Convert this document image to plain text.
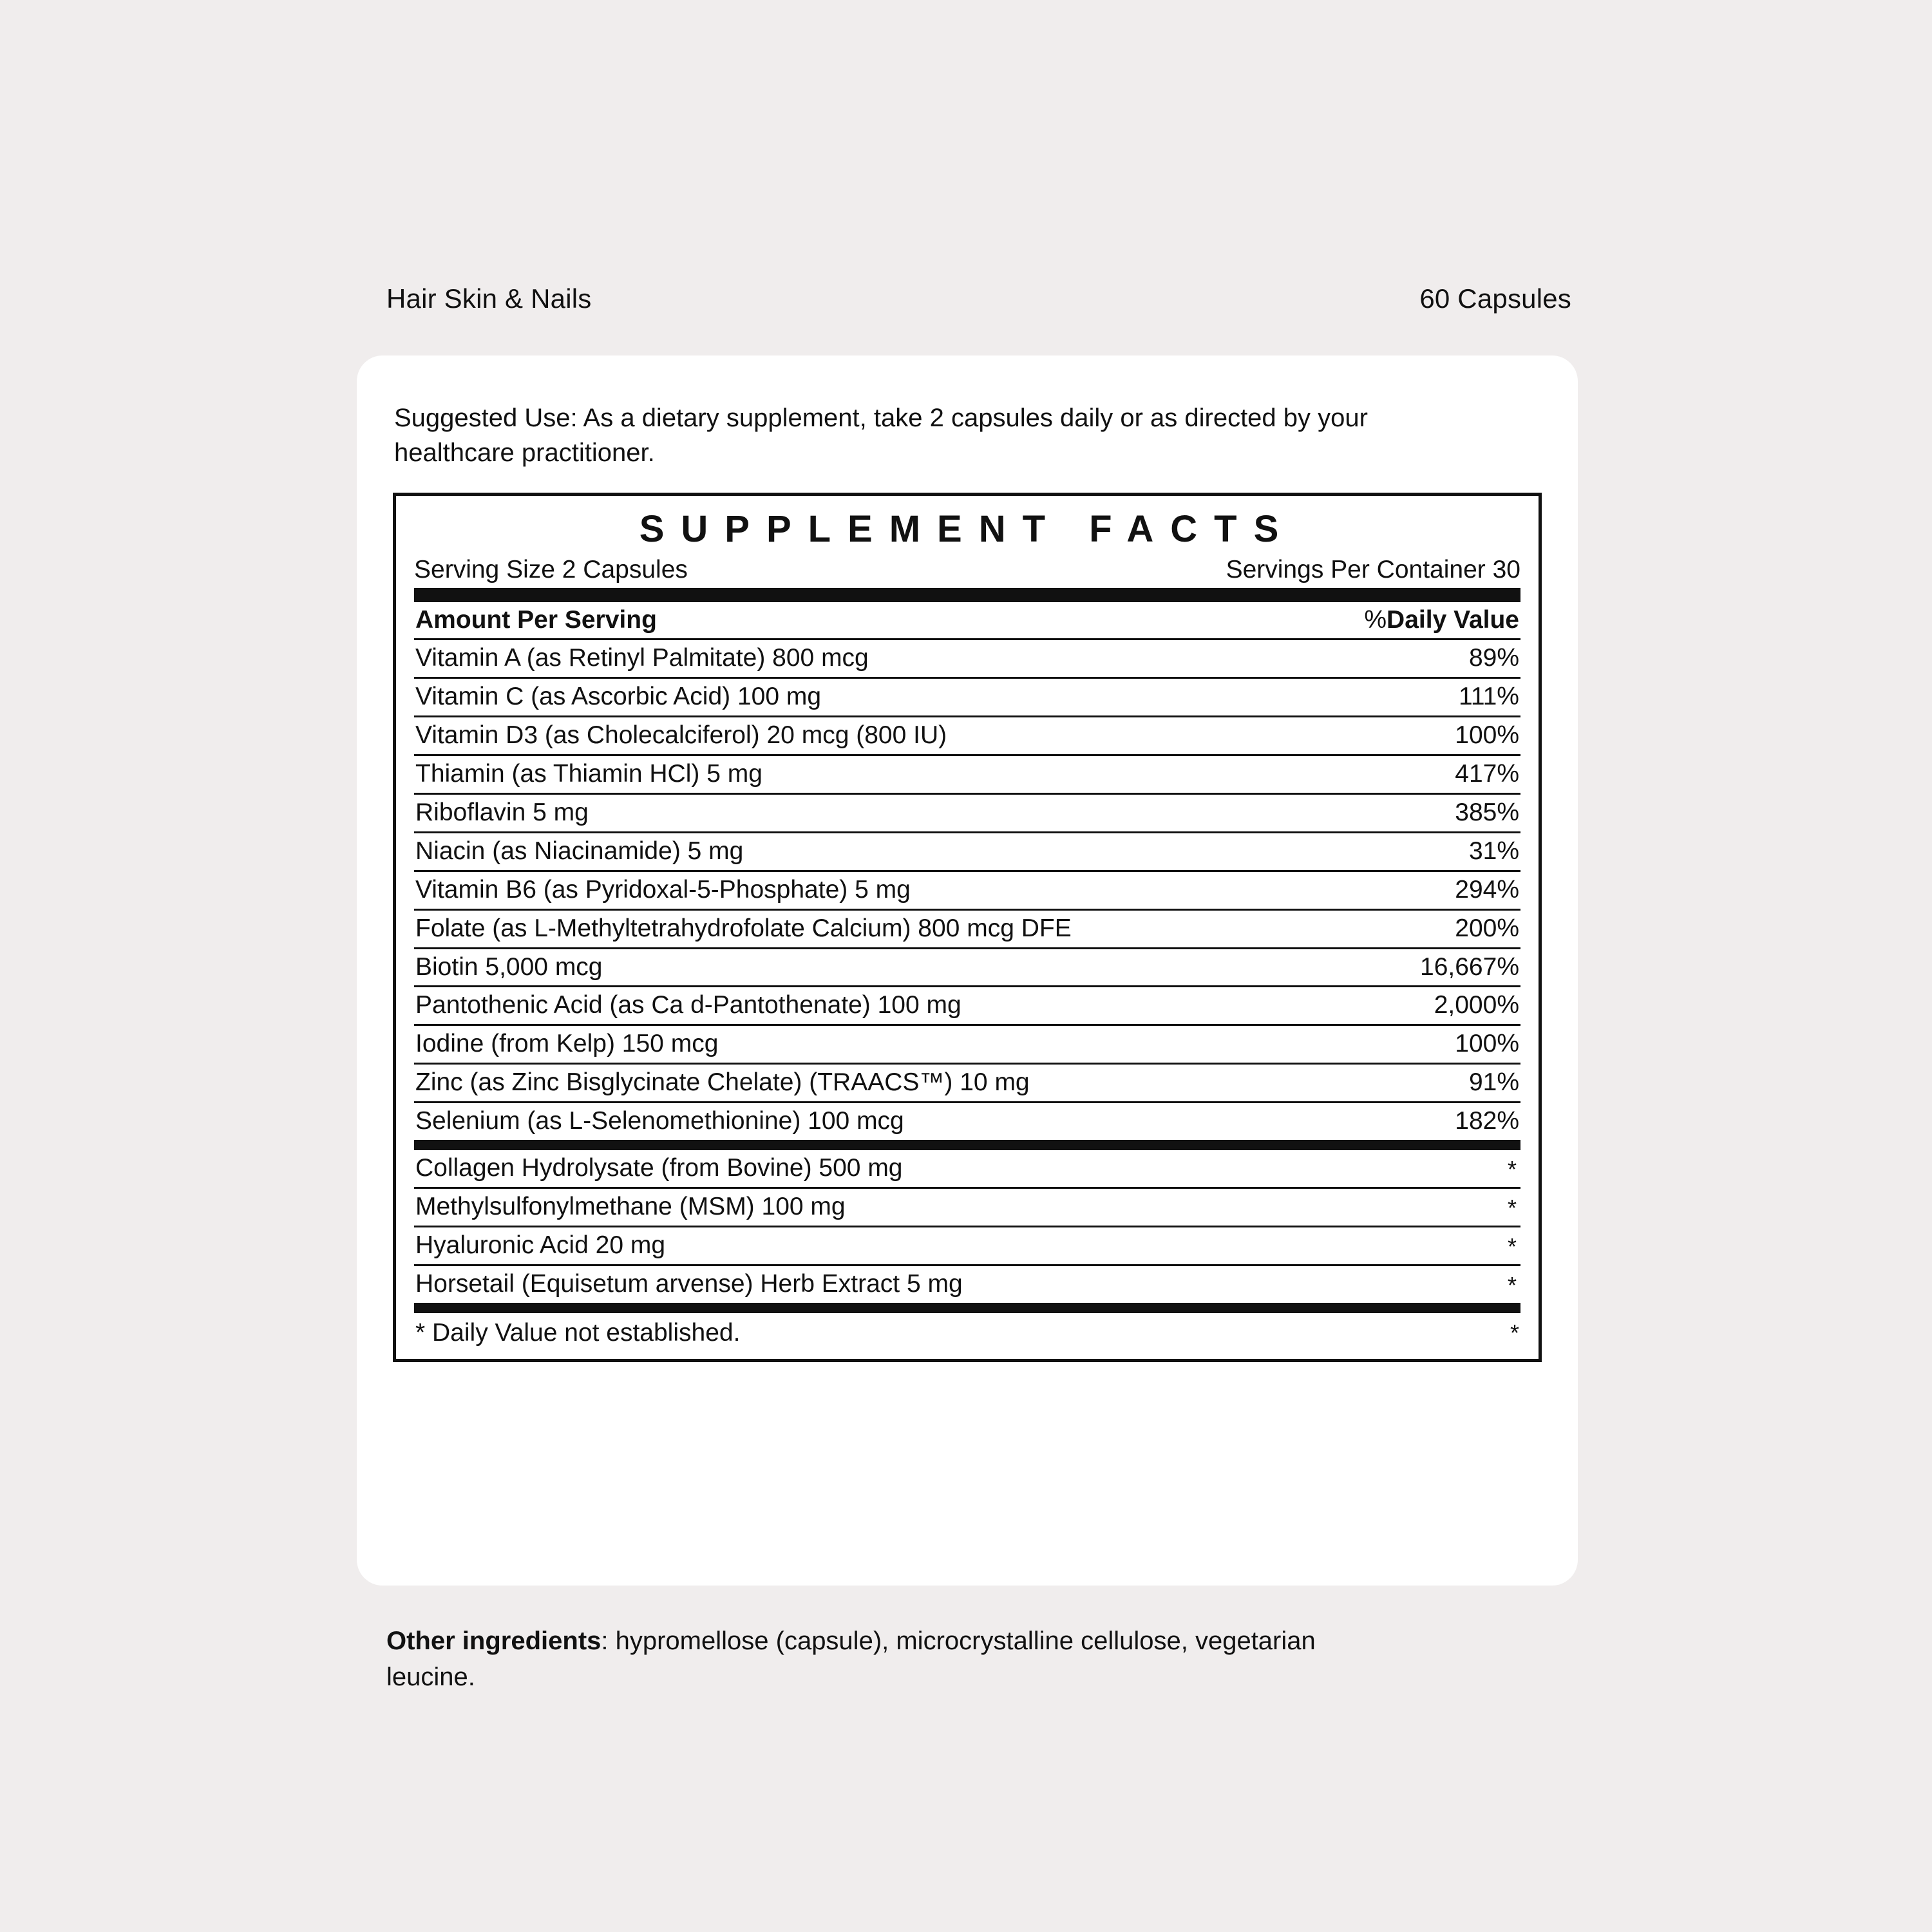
Hair Skin & Nails	60 Capsules
Suggested Use: As a dietary supplement, take 2 capsules daily or as directed by your healthcare practitioner.
SUPPLEMENT FACTS
Serving Size 2 Capsules	Servings Per Container 30
Amount Per Serving	%Daily Value
Vitamin A (as Retinyl Palmitate) 800 mcg	89%
Vitamin C (as Ascorbic Acid) 100 mg	111%
Vitamin D3 (as Cholecalciferol) 20 mcg (800 IU)	100%
Thiamin (as Thiamin HCl) 5 mg	417%
Riboflavin 5 mg	385%
Niacin (as Niacinamide) 5 mg	31%
Vitamin B6 (as Pyridoxal-5-Phosphate) 5 mg	294%
Folate (as L-Methyltetrahydrofolate Calcium) 800 mcg DFE	200%
Biotin 5,000 mcg	16,667%
Pantothenic Acid (as Ca d-Pantothenate) 100 mg	2,000%
Iodine (from Kelp) 150 mcg	100%
Zinc (as Zinc Bisglycinate Chelate) (TRAACS™) 10 mg	91%
Selenium (as L-Selenomethionine) 100 mcg	182%
Collagen Hydrolysate (from Bovine) 500 mg	*
Methylsulfonylmethane (MSM) 100 mg	*
Hyaluronic Acid 20 mg	*
Horsetail (Equisetum arvense) Herb Extract 5 mg	*
* Daily Value not established.	*
Other ingredients: hypromellose (capsule), microcrystalline cellulose, vegetarian leucine.
